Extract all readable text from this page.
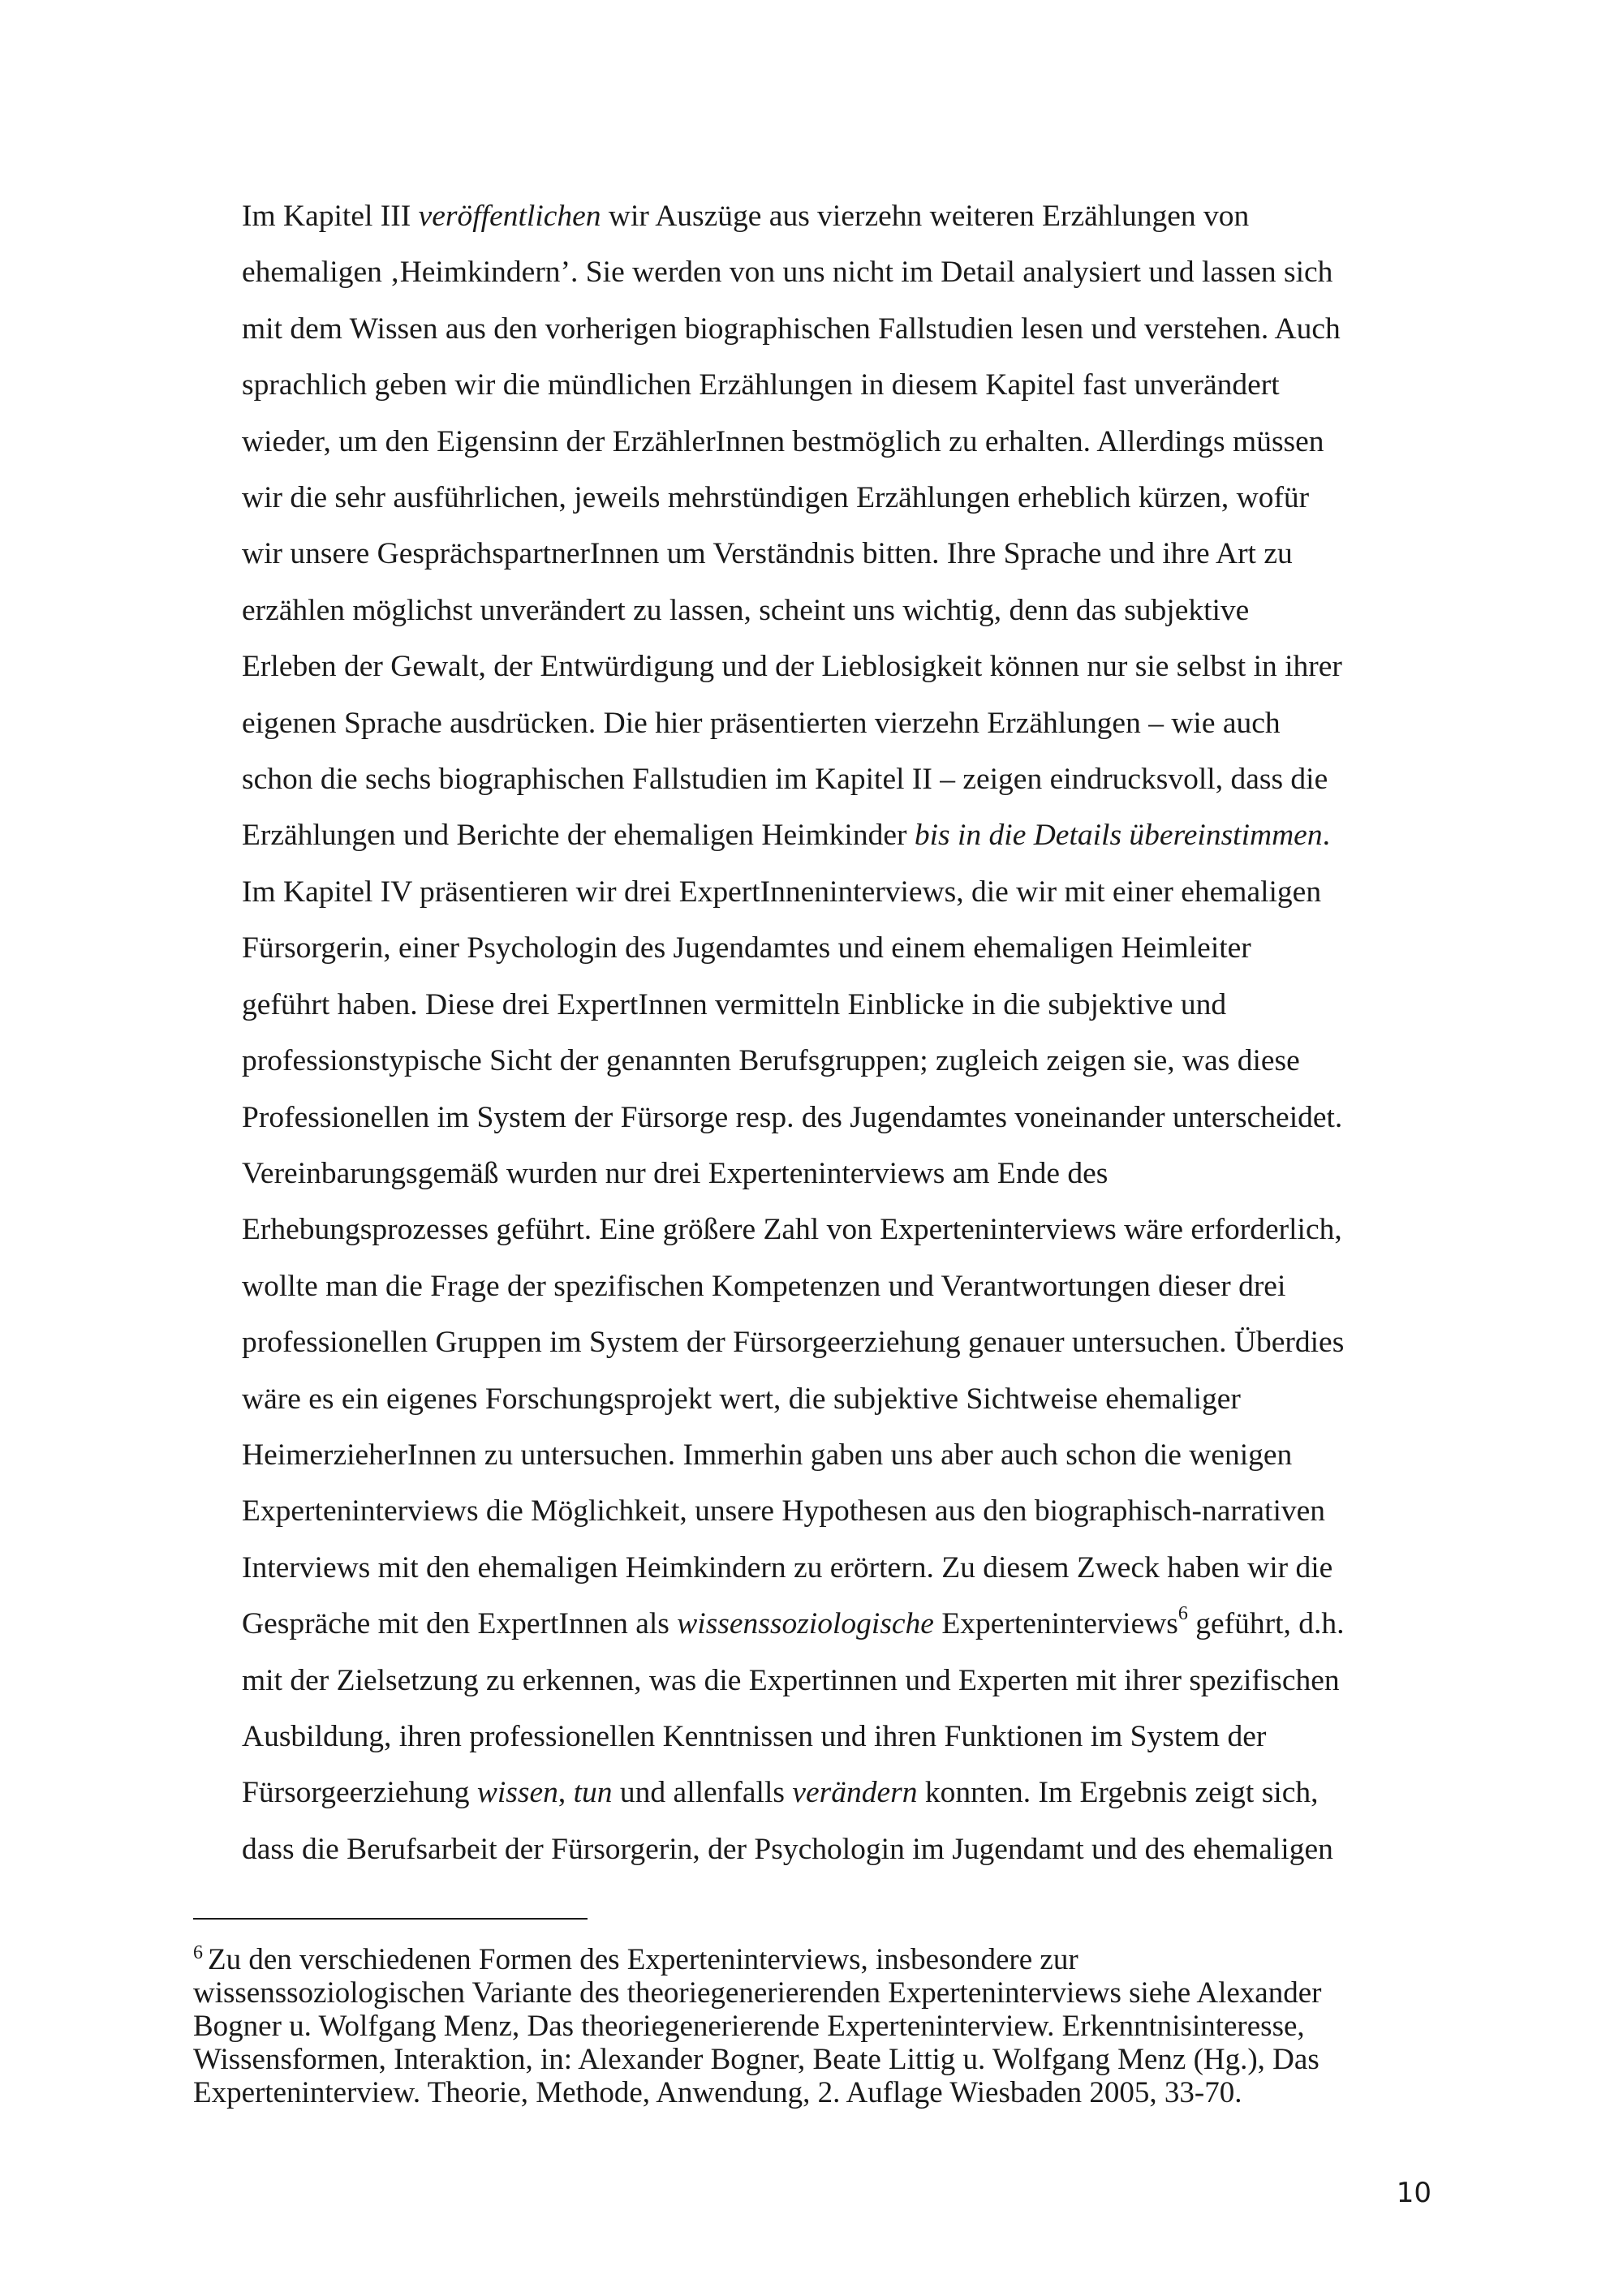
Im Kapitel III veröffentlichen wir Auszüge aus vierzehn weiteren Erzählungen von
ehemaligen ‚Heimkindern’. Sie werden von uns nicht im Detail analysiert und lassen sich
mit dem Wissen aus den vorherigen biographischen Fallstudien lesen und verstehen. Auch
sprachlich geben wir die mündlichen Erzählungen in diesem Kapitel fast unverändert
wieder, um den Eigensinn der ErzählerInnen bestmöglich zu erhalten. Allerdings müssen
wir die sehr ausführlichen, jeweils mehrstündigen Erzählungen erheblich kürzen, wofür
wir unsere GesprächspartnerInnen um Verständnis bitten. Ihre Sprache und ihre Art zu
erzählen möglichst unverändert zu lassen, scheint uns wichtig, denn das subjektive
Erleben der Gewalt, der Entwürdigung und der Lieblosigkeit können nur sie selbst in ihrer
eigenen Sprache ausdrücken. Die hier präsentierten vierzehn Erzählungen – wie auch
schon die sechs biographischen Fallstudien im Kapitel II – zeigen eindrucksvoll, dass die
Erzählungen und Berichte der ehemaligen Heimkinder bis in die Details übereinstimmen.
Im Kapitel IV präsentieren wir drei ExpertInneninterviews, die wir mit einer ehemaligen
Fürsorgerin, einer Psychologin des Jugendamtes und einem ehemaligen Heimleiter
geführt haben. Diese drei ExpertInnen vermitteln Einblicke in die subjektive und
professionstypische Sicht der genannten Berufsgruppen; zugleich zeigen sie, was diese
Professionellen im System der Fürsorge resp. des Jugendamtes voneinander unterscheidet.
Vereinbarungsgemäß wurden nur drei Experteninterviews am Ende des
Erhebungsprozesses geführt. Eine größere Zahl von Experteninterviews wäre erforderlich,
wollte man die Frage der spezifischen Kompetenzen und Verantwortungen dieser drei
professionellen Gruppen im System der Fürsorgeerziehung genauer untersuchen. Überdies
wäre es ein eigenes Forschungsprojekt wert, die subjektive Sichtweise ehemaliger
HeimerzieherInnen zu untersuchen. Immerhin gaben uns aber auch schon die wenigen
Experteninterviews die Möglichkeit, unsere Hypothesen aus den biographisch-narrativen
Interviews mit den ehemaligen Heimkindern zu erörtern. Zu diesem Zweck haben wir die
Gespräche mit den ExpertInnen als wissenssoziologische Experteninterviews$^6$ geführt, d.h.
mit der Zielsetzung zu erkennen, was die Expertinnen und Experten mit ihrer spezifischen
Ausbildung, ihren professionellen Kenntnissen und ihren Funktionen im System der
Fürsorgeerziehung wissen, tun und allenfalls verändern konnten. Im Ergebnis zeigt sich,
dass die Berufsarbeit der Fürsorgerin, der Psychologin im Jugendamt und des ehemaligen
$^6$ Zu den verschiedenen Formen des Experteninterviews, insbesondere zur
wissenssoziologischen Variante des theoriegenerierenden Experteninterviews siehe Alexander
Bogner u. Wolfgang Menz, Das theoriegenerierende Experteninterview. Erkenntnisinteresse,
Wissensformen, Interaktion, in: Alexander Bogner, Beate Littig u. Wolfgang Menz (Hg.), Das
Experteninterview. Theorie, Methode, Anwendung, 2. Auflage Wiesbaden 2005, 33-70.
10
